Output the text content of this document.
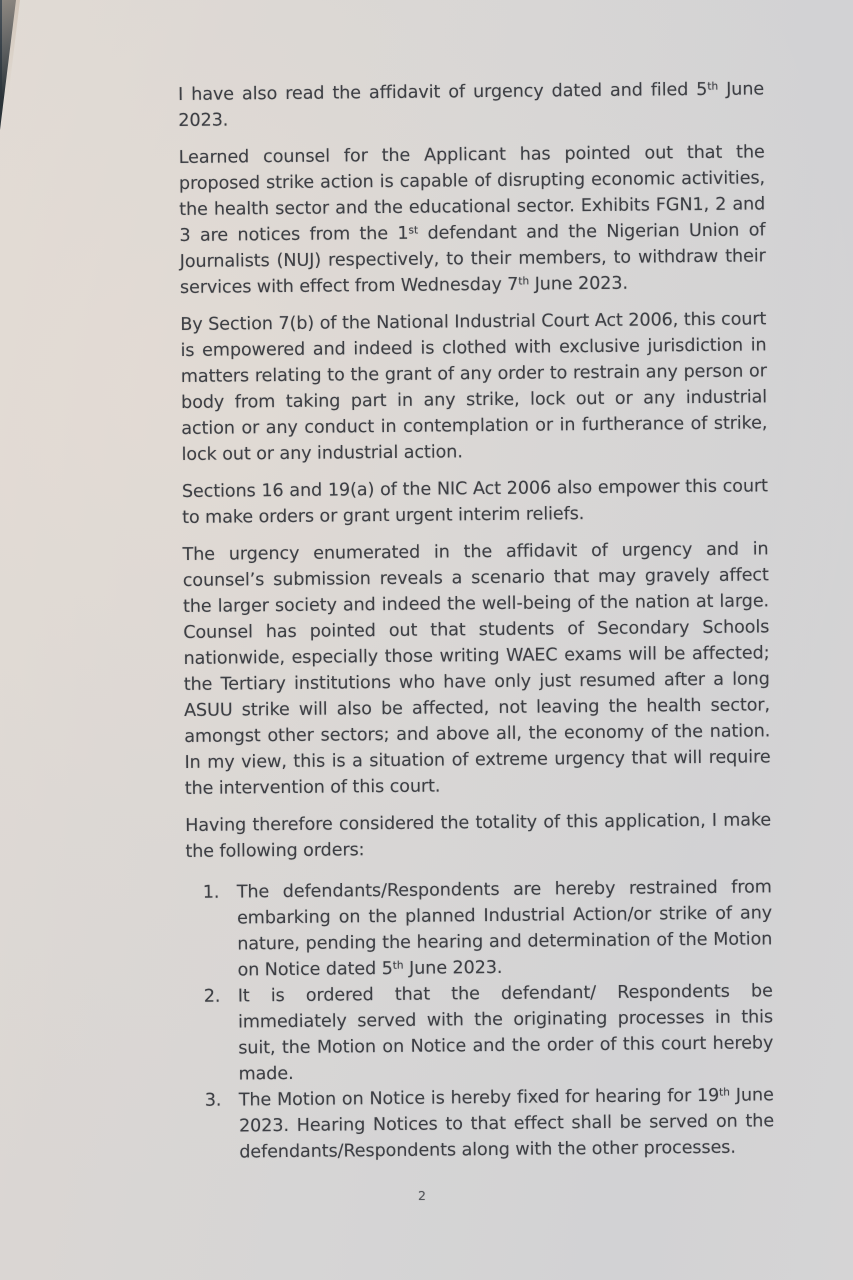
I have also read the affidavit of urgency dated and filed 5th June 2023.

Learned counsel for the Applicant has pointed out that the proposed strike action is capable of disrupting economic activities, the health sector and the educational sector. Exhibits FGN1, 2 and 3 are notices from the 1st defendant and the Nigerian Union of Journalists (NUJ) respectively, to their members, to withdraw their services with effect from Wednesday 7th June 2023.

By Section 7(b) of the National Industrial Court Act 2006, this court is empowered and indeed is clothed with exclusive jurisdiction in matters relating to the grant of any order to restrain any person or body from taking part in any strike, lock out or any industrial action or any conduct in contemplation or in furtherance of strike, lock out or any industrial action.

Sections 16 and 19(a) of the NIC Act 2006 also empower this court to make orders or grant urgent interim reliefs.

The urgency enumerated in the affidavit of urgency and in counsel’s submission reveals a scenario that may gravely affect the larger society and indeed the well-being of the nation at large. Counsel has pointed out that students of Secondary Schools nationwide, especially those writing WAEC exams will be affected; the Tertiary institutions who have only just resumed after a long ASUU strike will also be affected, not leaving the health sector, amongst other sectors; and above all, the economy of the nation. In my view, this is a situation of extreme urgency that will require the intervention of this court.

Having therefore considered the totality of this application, I make the following orders:

The defendants/Respondents are hereby restrained from embarking on the planned Industrial Action/or strike of any nature, pending the hearing and determination of the Motion on Notice dated 5th June 2023.
It is ordered that the defendant/ Respondents be immediately served with the originating processes in this suit, the Motion on Notice and the order of this court hereby made.
The Motion on Notice is hereby fixed for hearing for 19th June 2023. Hearing Notices to that effect shall be served on the defendants/Respondents along with the other processes.
2
